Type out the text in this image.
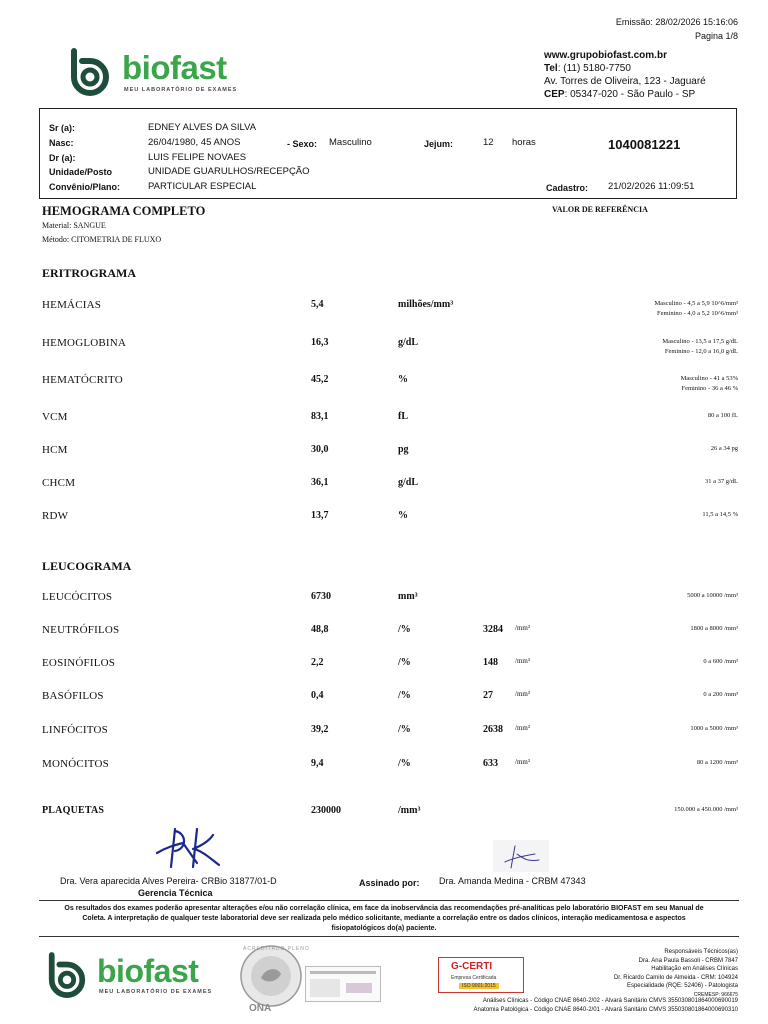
Emissão: 28/02/2026 15:16:06
Pagina 1/8
biofast
MEU LABORATÓRIO DE EXAMES
www.grupobiofast.com.br
Tel: (11) 5180-7750
Av. Torres de Oliveira, 123 - Jaguaré
CEP: 05347-020 - São Paulo - SP
Sr (a):	EDNEY ALVES DA SILVA
Nasc:	26/04/1980, 45 ANOS	- Sexo: Masculino	Jejum:	12 horas	1040081221
Dr (a):	LUIS FELIPE NOVAES
Unidade/Posto	UNIDADE GUARULHOS/RECEPÇÃO
Convênio/Plano:	PARTICULAR ESPECIAL	Cadastro: 21/02/2026 11:09:51
HEMOGRAMA COMPLETO	VALOR DE REFERÊNCIA
Material: SANGUE
Método: CITOMETRIA DE FLUXO
ERITROGRAMA
HEMÁCIAS	5,4	milhões/mm³	Masculino - 4,5 a 5,9 10^6/mm³
Feminino - 4,0 a 5,2 10^6/mm³
HEMOGLOBINA	16,3	g/dL	Masculino - 13,5 a 17,5 g/dL
Feminino - 12,0 a 16,0 g/dL
HEMATÓCRITO	45,2	%	Masculino - 41 a 53%
Feminino - 36 a 46 %
VCM	83,1	fL	80 a 100 fL
HCM	30,0	pg	26 a 34 pg
CHCM	36,1	g/dL	31 a 37 g/dL
RDW	13,7	%	11,5 a 14,5 %
LEUCOGRAMA
LEUCÓCITOS	6730	mm³	5000 a 10000 /mm³
NEUTRÓFILOS	48,8	/%	3284 /mm³	1800 a 8000 /mm³
EOSINÓFILOS	2,2	/%	148 /mm³	0 a 600 /mm³
BASÓFILOS	0,4	/%	27	/mm³	0 a 200 /mm³
LINFÓCITOS	39,2	/%	2638 /mm³	1000 a 5000 /mm³
MONÓCITOS	9,4	/%	633 /mm³	80 a 1200 /mm³
PLAQUETAS	230000	/mm³	150.000 a 450.000 /mm³
Dra. Vera aparecida Alves Pereira- CRBio 31877/01-D
Gerencia Técnica
Assinado por: Dra. Amanda Medina - CRBM 47343
Os resultados dos exames poderão apresentar alterações e/ou não correlação clínica, em face da inobservância das recomendações pré-analíticas pelo laboratório BIOFAST em seu Manual de Coleta. A interpretação de qualquer teste laboratorial deve ser realizada pelo médico solicitante, mediante a correlação entre os dados clínicos, interação medicamentosa e aspectos fisiopatológicos do(a) paciente.
biofast
MEU LABORATÓRIO DE EXAMES
ACREDITADO PLENO
ONA
G-CERTI
Empresa Certificada
ISO 9001:2015
Responsáveis Técnicos(as)
Dra. Ana Paula Bassoli - CRBM 7847
Habilitação em Análises Clínicas
Dr. Ricardo Camilo de Almeida - CRM: 104924
Especialidade (RQE: 52406) - Patologista
CREMESP: 966675
Análises Clínicas - Código CNAE 8640-2/02 - Alvará Sanitário CMVS 355030801864000690019
Anatomia Patológica - Código CNAE 8640-2/01 - Alvará Sanitário CMVS 355030801864000690310
